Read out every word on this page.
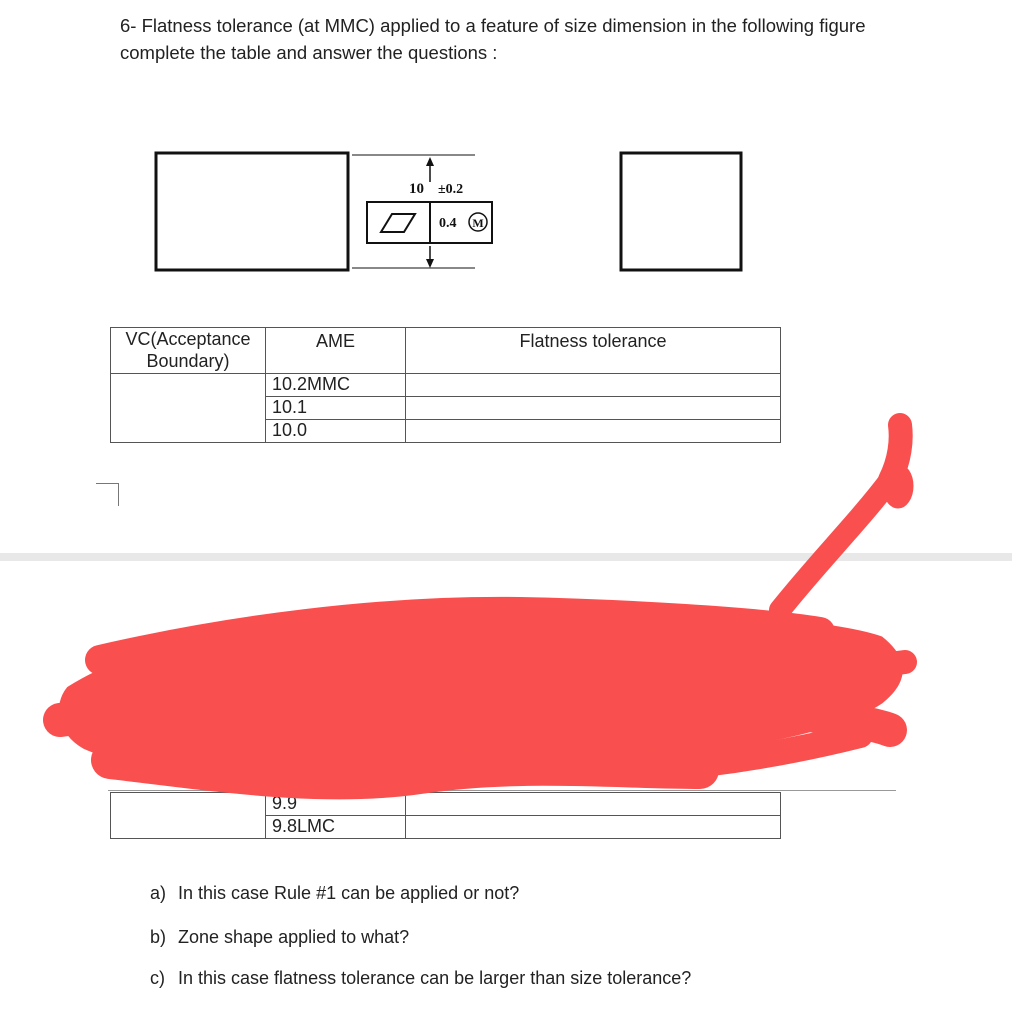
6- Flatness tolerance (at MMC) applied to a feature of size dimension in the following figure complete the table and answer the questions :
10 ±0.2
0.4 M
VC(Acceptance Boundary)	AME	Flatness tolerance
	10.2MMC	
	10.1	
	10.0	
	9.9	
	9.8LMC	
a) In this case Rule #1 can be applied or not?
b) Zone shape applied to what?
c) In this case flatness tolerance can be larger than size tolerance?
